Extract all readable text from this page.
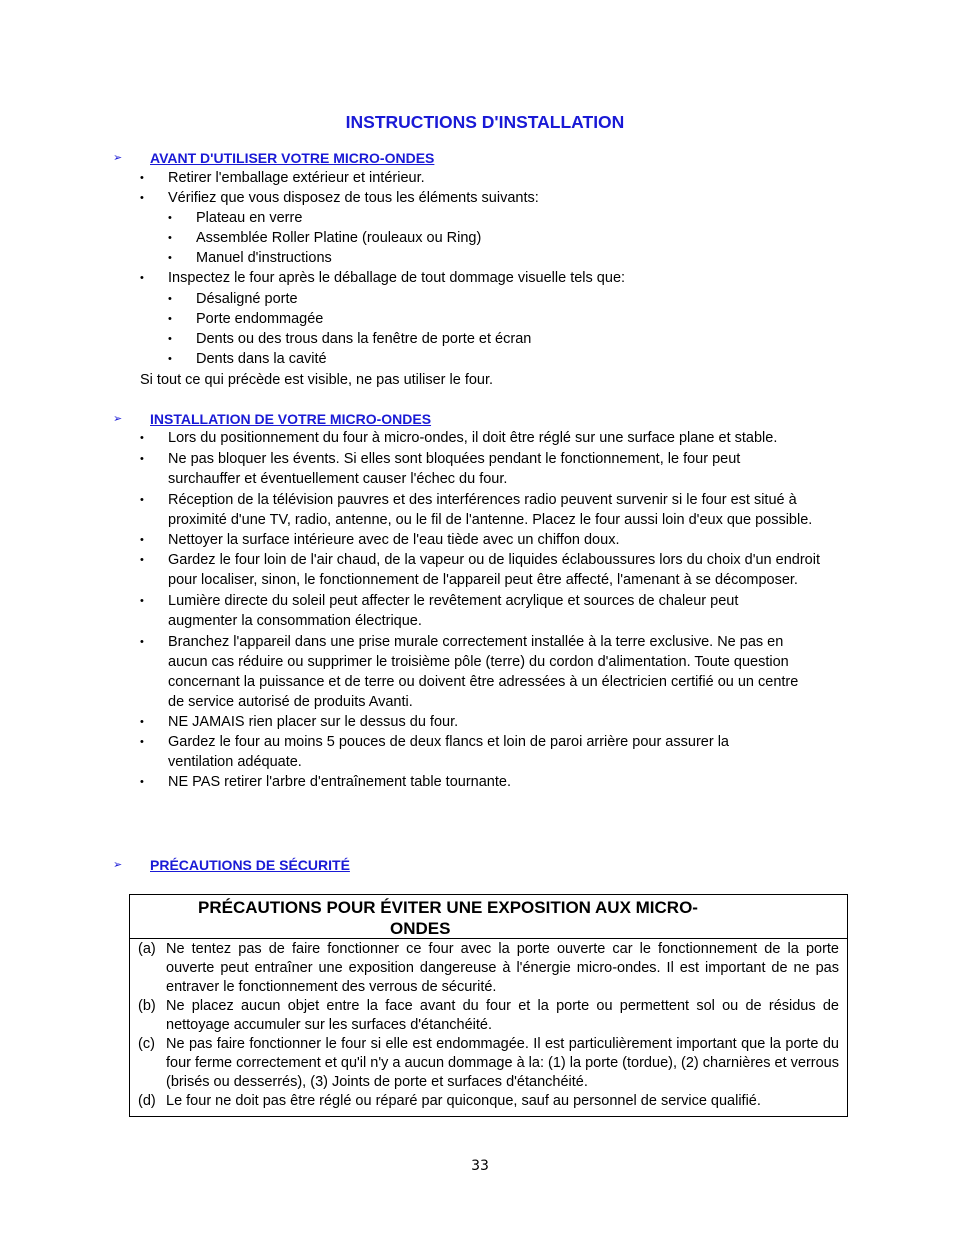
INSTRUCTIONS D'INSTALLATION
➢ AVANT D'UTILISER VOTRE MICRO-ONDES
• Retirer l'emballage extérieur et intérieur.
• Vérifiez que vous disposez de tous les éléments suivants:
• Plateau en verre
• Assemblée Roller Platine (rouleaux ou Ring)
• Manuel d'instructions
• Inspectez le four après le déballage de tout dommage visuelle tels que:
• Désaligné porte
• Porte endommagée
• Dents ou des trous dans la fenêtre de porte et écran
• Dents dans la cavité
Si tout ce qui précède est visible, ne pas utiliser le four.
➢ INSTALLATION DE VOTRE MICRO-ONDES
• Lors du positionnement du four à micro-ondes, il doit être réglé sur une surface plane et stable.
• Ne pas bloquer les évents. Si elles sont bloquées pendant le fonctionnement, le four peut surchauffer et éventuellement causer l'échec du four.
• Réception de la télévision pauvres et des interférences radio peuvent survenir si le four est situé à proximité d'une TV, radio, antenne, ou le fil de l'antenne. Placez le four aussi loin d'eux que possible.
• Nettoyer la surface intérieure avec de l'eau tiède avec un chiffon doux.
• Gardez le four loin de l'air chaud, de la vapeur ou de liquides éclaboussures lors du choix d'un endroit pour localiser, sinon, le fonctionnement de l'appareil peut être affecté, l'amenant à se décomposer.
• Lumière directe du soleil peut affecter le revêtement acrylique et sources de chaleur peut augmenter la consommation électrique.
• Branchez l'appareil dans une prise murale correctement installée à la terre exclusive. Ne pas en aucun cas réduire ou supprimer le troisième pôle (terre) du cordon d'alimentation. Toute question concernant la puissance et de terre ou doivent être adressées à un électricien certifié ou un centre de service autorisé de produits Avanti.
• NE JAMAIS rien placer sur le dessus du four.
• Gardez le four au moins 5 pouces de deux flancs et loin de paroi arrière pour assurer la ventilation adéquate.
• NE PAS retirer l'arbre d'entraînement table tournante.
➢ PRÉCAUTIONS DE SÉCURITÉ
PRÉCAUTIONS POUR ÉVITER UNE EXPOSITION AUX MICRO-
ONDES
(a) Ne tentez pas de faire fonctionner ce four avec la porte ouverte car le fonctionnement de la porte ouverte peut entraîner une exposition dangereuse à l'énergie micro-ondes. Il est important de ne pas entraver le fonctionnement des verrous de sécurité.
(b) Ne placez aucun objet entre la face avant du four et la porte ou permettent sol ou de résidus de nettoyage accumuler sur les surfaces d'étanchéité.
(c) Ne pas faire fonctionner le four si elle est endommagée. Il est particulièrement important que la porte du four ferme correctement et qu'il n'y a aucun dommage à la: (1) la porte (tordue), (2) charnières et verrous (brisés ou desserrés), (3) Joints de porte et surfaces d'étanchéité.
(d) Le four ne doit pas être réglé ou réparé par quiconque, sauf au personnel de service qualifié.
33
